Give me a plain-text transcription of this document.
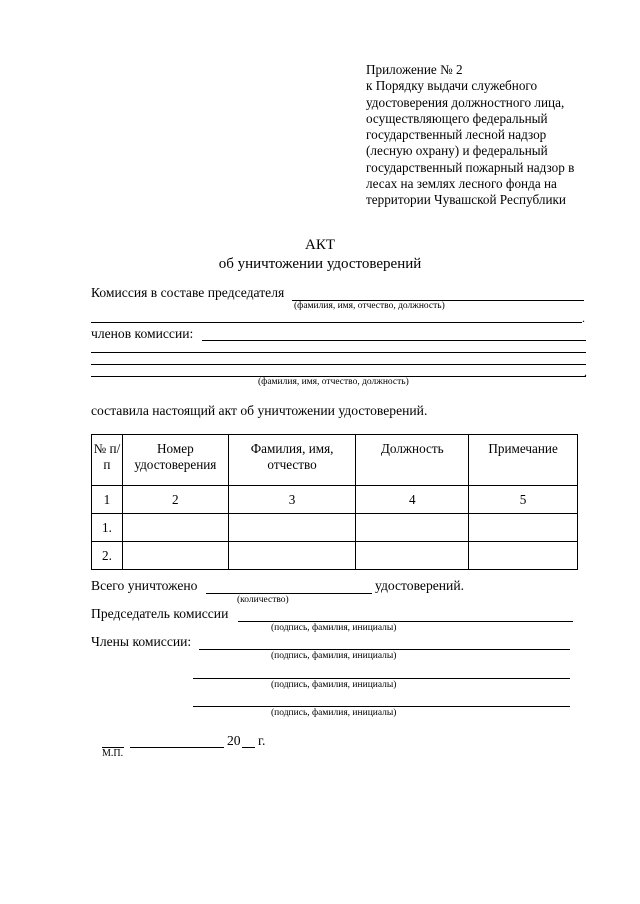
Приложение № 2
к Порядку выдачи служебного
удостоверения должностного лица,
осуществляющего федеральный
государственный лесной надзор
(лесную охрану) и федеральный
государственный пожарный надзор в
лесах на землях лесного фонда на
территории Чувашской Республики
АКТ
об уничтожении удостоверений
Комиссия в составе председателя
(фамилия, имя, отчество, должность)
.
членов комиссии:
.
(фамилия, имя, отчество, должность)
составила настоящий акт об уничтожении удостоверений.
№ п/п	Номер удостоверения	Фамилия, имя, отчество	Должность	Примечание
1	2	3	4	5
1.				
2.				
Всего уничтожено	удостоверений.
(количество)
Председатель комиссии
(подпись, фамилия, инициалы)
Члены комиссии:
(подпись, фамилия, инициалы)
(подпись, фамилия, инициалы)
(подпись, фамилия, инициалы)
20 г.
М.П.
